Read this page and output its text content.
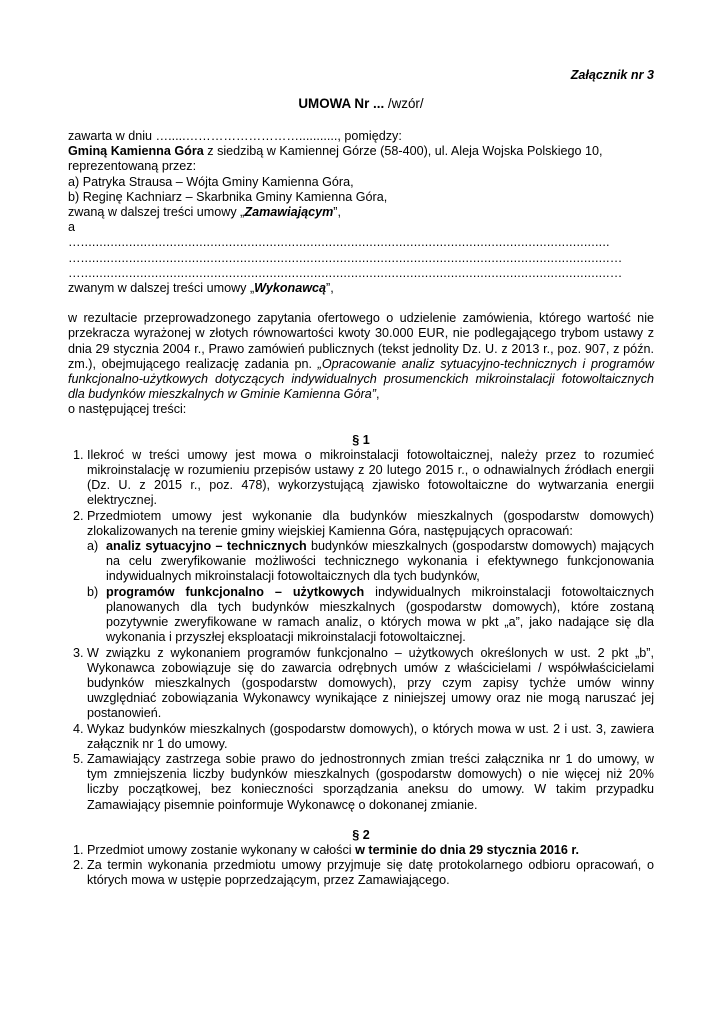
Załącznik nr 3
UMOWA Nr ... /wzór/
zawarta w dniu ….....………………………..........., pomiędzy:
Gminą Kamienna Góra z siedzibą w Kamiennej Górze (58-400), ul. Aleja Wojska Polskiego 10,
reprezentowaną przez:
a) Patryka Strausa – Wójta Gminy Kamienna Góra,
b) Reginę Kachniarz – Skarbnika Gminy Kamienna Góra,
zwaną w dalszej treści umowy „Zamawiającym”,
a
…...............................................................................................................................................
…...............................................................................................................................................…
…...............................................................................................................................................…
zwanym w dalszej treści umowy „Wykonawcą”,
w rezultacie przeprowadzonego zapytania ofertowego o udzielenie zamówienia, którego wartość nie przekracza wyrażonej w złotych równowartości kwoty 30.000 EUR, nie podlegającego trybom ustawy z dnia 29 stycznia 2004 r., Prawo zamówień publicznych (tekst jednolity Dz. U. z 2013 r., poz. 907, z późn. zm.), obejmującego realizację zadania pn. „Opracowanie analiz sytuacyjno-technicznych i programów funkcjonalno-użytkowych dotyczących indywidualnych prosumenckich mikroinstalacji fotowoltaicznych dla budynków mieszkalnych w Gminie Kamienna Góra”,
o następującej treści:
§ 1
1. Ilekroć w treści umowy jest mowa o mikroinstalacji fotowoltaicznej, należy przez to rozumieć mikroinstalację w rozumieniu przepisów ustawy z 20 lutego 2015 r., o odnawialnych źródłach energii (Dz. U. z 2015 r., poz. 478), wykorzystującą zjawisko fotowoltaiczne do wytwarzania energii elektrycznej.
2. Przedmiotem umowy jest wykonanie dla budynków mieszkalnych (gospodarstw domowych) zlokalizowanych na terenie gminy wiejskiej Kamienna Góra, następujących opracowań:
a) analiz sytuacyjno – technicznych budynków mieszkalnych (gospodarstw domowych) mających na celu zweryfikowanie możliwości technicznego wykonania i efektywnego funkcjonowania indywidualnych mikroinstalacji fotowoltaicznych dla tych budynków,
b) programów funkcjonalno – użytkowych indywidualnych mikroinstalacji fotowoltaicznych planowanych dla tych budynków mieszkalnych (gospodarstw domowych), które zostaną pozytywnie zweryfikowane w ramach analiz, o których mowa w pkt „a”, jako nadające się dla wykonania i przyszłej eksploatacji mikroinstalacji fotowoltaicznej.
3. W związku z wykonaniem programów funkcjonalno – użytkowych określonych w ust. 2 pkt „b”, Wykonawca zobowiązuje się do zawarcia odrębnych umów z właścicielami / współwłaścicielami budynków mieszkalnych (gospodarstw domowych), przy czym zapisy tychże umów winny uwzględniać zobowiązania Wykonawcy wynikające z niniejszej umowy oraz nie mogą naruszać jej postanowień.
4. Wykaz budynków mieszkalnych (gospodarstw domowych), o których mowa w ust. 2 i ust. 3, zawiera załącznik nr 1 do umowy.
5. Zamawiający zastrzega sobie prawo do jednostronnych zmian treści załącznika nr 1 do umowy, w tym zmniejszenia liczby budynków mieszkalnych (gospodarstw domowych) o nie więcej niż 20% liczby początkowej, bez konieczności sporządzania aneksu do umowy. W takim przypadku Zamawiający pisemnie poinformuje Wykonawcę o dokonanej zmianie.
§ 2
1. Przedmiot umowy zostanie wykonany w całości w terminie do dnia 29 stycznia 2016 r.
2. Za termin wykonania przedmiotu umowy przyjmuje się datę protokolarnego odbioru opracowań, o których mowa w ustępie poprzedzającym, przez Zamawiającego.
